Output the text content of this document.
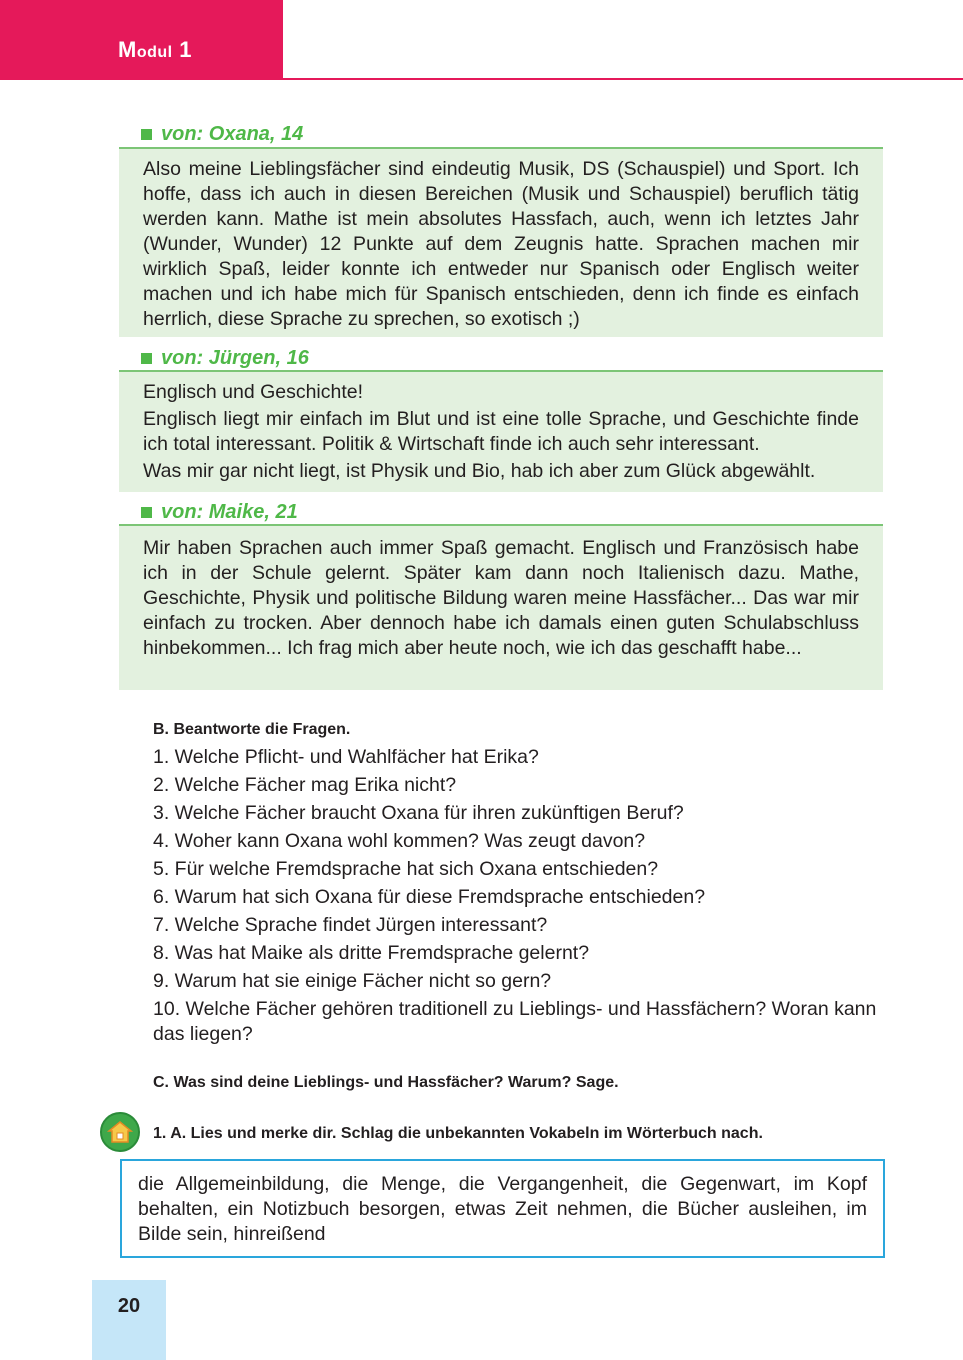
Modul 1
von: Oxana, 14

Also meine Lieblingsfächer sind eindeutig Musik, DS (Schauspiel) und Sport. Ich hoffe, dass ich auch in diesen Bereichen (Musik und Schauspiel) beruflich tätig werden kann. Mathe ist mein absolutes Hassfach, auch, wenn ich letztes Jahr (Wunder, Wunder) 12 Punkte auf dem Zeugnis hatte. Sprachen machen mir wirklich Spaß, leider konnte ich entweder nur Spanisch oder Englisch weiter machen und ich habe mich für Spanisch entschieden, denn ich finde es einfach herrlich, diese Sprache zu sprechen, so exotisch ;)

von: Jürgen, 16

Englisch und Geschichte!

Englisch liegt mir einfach im Blut und ist eine tolle Sprache, und Geschichte finde ich total interessant. Politik & Wirtschaft finde ich auch sehr interessant.

Was mir gar nicht liegt, ist Physik und Bio, hab ich aber zum Glück abgewählt.

von: Maike, 21

Mir haben Sprachen auch immer Spaß gemacht. Englisch und Französisch habe ich in der Schule gelernt. Später kam dann noch Italienisch dazu. Mathe, Geschichte, Physik und politische Bildung waren meine Hassfächer... Das war mir einfach zu trocken. Aber dennoch habe ich damals einen guten Schulabschluss hinbekommen... Ich frag mich aber heute noch, wie ich das geschafft habe...

B. Beantworte die Fragen.
1. Welche Pflicht- und Wahlfächer hat Erika?
2. Welche Fächer mag Erika nicht?
3. Welche Fächer braucht Oxana für ihren zukünftigen Beruf?
4. Woher kann Oxana wohl kommen? Was zeugt davon?
5. Für welche Fremdsprache hat sich Oxana entschieden?
6. Warum hat sich Oxana für diese Fremdsprache entschieden?
7. Welche Sprache findet Jürgen interessant?
8. Was hat Maike als dritte Fremdsprache gelernt?
9. Warum hat sie einige Fächer nicht so gern?
10. Welche Fächer gehören traditionell zu Lieblings- und Hassfächern? Woran kann das liegen?
C. Was sind deine Lieblings- und Hassfächer? Warum? Sage.
1. A. Lies und merke dir. Schlag die unbekannten Vokabeln im Wörterbuch nach.
die Allgemeinbildung, die Menge, die Vergangenheit, die Gegenwart, im Kopf behalten, ein Notizbuch besorgen, etwas Zeit nehmen, die Bücher ausleihen, im Bilde sein, hinreißend
20
